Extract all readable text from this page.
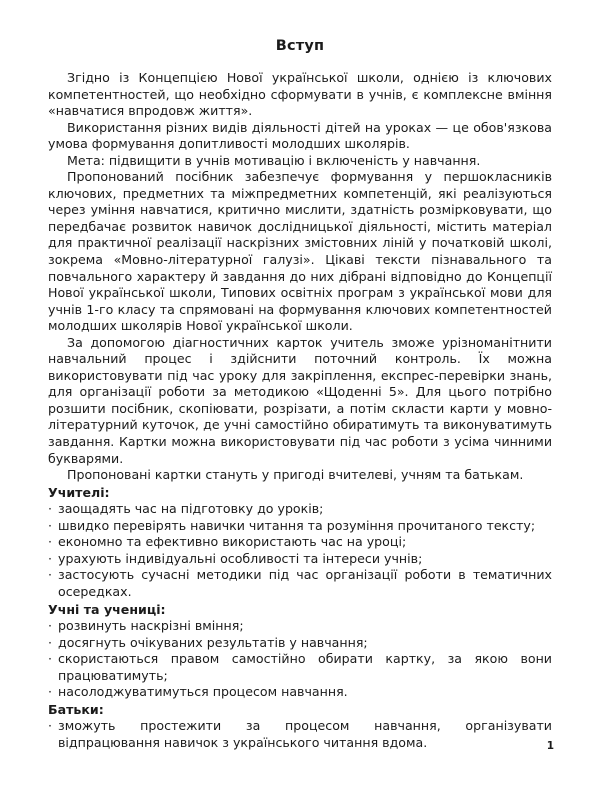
Вступ

Згідно із Концепцією Нової української школи, однією із ключових компетентностей, що необхідно сформувати в учнів, є комплексне вміння «навчатися впродовж життя».

Використання різних видів діяльності дітей на уроках — це обов'язкова умова формування допитливості молодших школярів.

Мета: підвищити в учнів мотивацію і включеність у навчання.

Пропонований посібник забезпечує формування у першокласників ключових, предметних та міжпредметних компетенцій, які реалізуються через уміння навчатися, критично мислити, здатність розмірковувати, що передбачає розвиток навичок дослідницької діяльності, містить матеріал для практичної реалізації наскрізних змістовних ліній у початковій школі, зокрема «Мовно-літературної галузі». Цікаві тексти пізнавального та повчального характеру й завдання до них дібрані відповідно до Концепції Нової української школи, Типових освітніх програм з української мови для учнів 1-го класу та спрямовані на формування ключових компетентностей молодших школярів Нової української школи.

За допомогою діагностичних карток учитель зможе урізноманітнити навчальний процес і здійснити поточний контроль. Їх можна використовувати під час уроку для закріплення, експрес-перевірки знань, для організації роботи за методикою «Щоденні 5». Для цього потрібно розшити посібник, скопіювати, розрізати, а потім скласти карти у мовно-літературний куточок, де учні самостійно обиратимуть та виконуватимуть завдання. Картки можна використовувати під час роботи з усіма чинними букварями.

Пропоновані картки стануть у пригоді вчителеві, учням та батькам.

Учителі:

· заощадять час на підготовку до уроків;
· швидко перевірять навички читання та розуміння прочитаного тексту;
· економно та ефективно використають час на уроці;
· урахують індивідуальні особливості та інтереси учнів;
· застосують сучасні методики під час організації роботи в тематичних осередках.

Учні та учениці:

· розвинуть наскрізні вміння;
· досягнуть очікуваних результатів у навчання;
· скористаються правом самостійно обирати картку, за якою вони працюватимуть;
· насолоджуватимуться процесом навчання.

Батьки:

· зможуть простежити за процесом навчання, організувати відпрацювання навичок з українського читання вдома.	1
